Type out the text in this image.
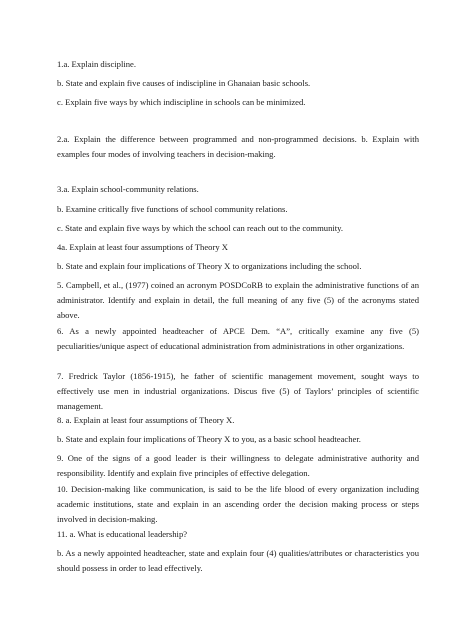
1.a. Explain discipline.

b. State and explain five causes of indiscipline in Ghanaian basic schools.

c. Explain five ways by which indiscipline in schools can be minimized.

2.a. Explain the difference between programmed and non-programmed decisions. b. Explain with examples four modes of involving teachers in decision-making.

3.a. Explain school-community relations.

b. Examine critically five functions of school community relations.

c. State and explain five ways by which the school can reach out to the community.

4a. Explain at least four assumptions of Theory X

b. State and explain four implications of Theory X to organizations including the school.

5. Campbell, et al., (1977) coined an acronym POSDCoRB to explain the administrative functions of an administrator. Identify and explain in detail, the full meaning of any five (5) of the acronyms stated above.

6. As a newly appointed headteacher of APCE Dem. “A”, critically examine any five (5) peculiarities/unique aspect of educational administration from administrations in other organizations.

7. Fredrick Taylor (1856-1915), he father of scientific management movement, sought ways to effectively use men in industrial organizations. Discus five (5) of Taylors’ principles of scientific management.

8. a. Explain at least four assumptions of Theory X.

b. State and explain four implications of Theory X to you, as a basic school headteacher.

9. One of the signs of a good leader is their willingness to delegate administrative authority and responsibility. Identify and explain five principles of effective delegation.

10. Decision-making like communication, is said to be the life blood of every organization including academic institutions, state and explain in an ascending order the decision making process or steps involved in decision-making.

11. a. What is educational leadership?

b. As a newly appointed headteacher, state and explain four (4) qualities/attributes or characteristics you should possess in order to lead effectively.
